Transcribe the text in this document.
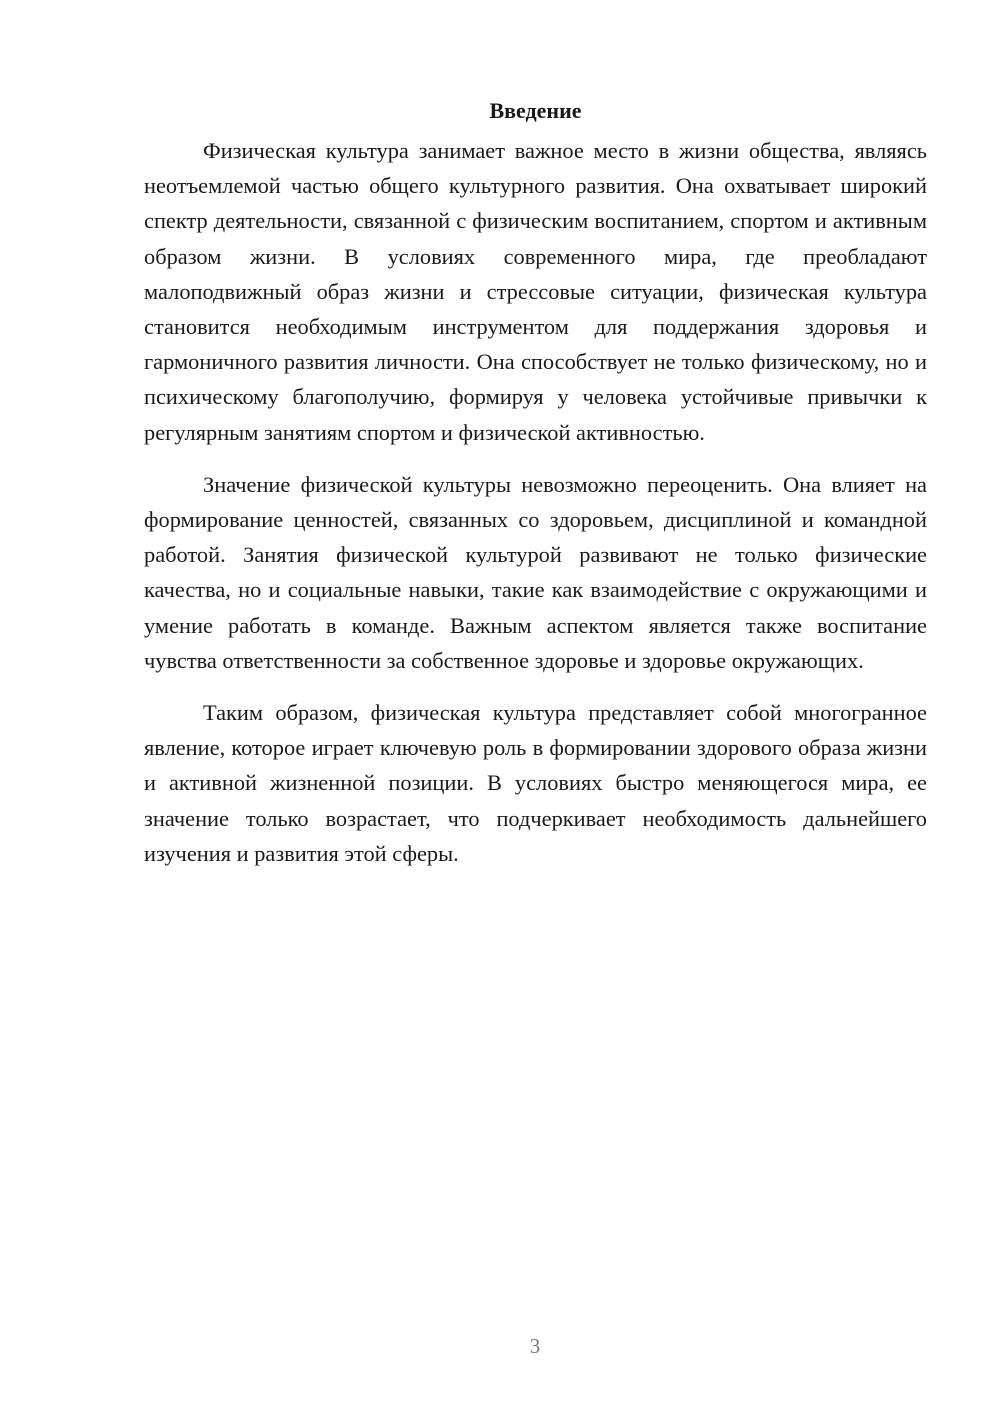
Введение

Физическая культура занимает важное место в жизни общества, являясь неотъемлемой частью общего культурного развития. Она охватывает широкий спектр деятельности, связанной с физическим воспитанием, спортом и активным образом жизни. В условиях современного мира, где преобладают малоподвижный образ жизни и стрессовые ситуации, физическая культура становится необходимым инструментом для поддержания здоровья и гармоничного развития личности. Она способствует не только физическому, но и психическому благополучию, формируя у человека устойчивые привычки к регулярным занятиям спортом и физической активностью.

Значение физической культуры невозможно переоценить. Она влияет на формирование ценностей, связанных со здоровьем, дисциплиной и командной работой. Занятия физической культурой развивают не только физические качества, но и социальные навыки, такие как взаимодействие с окружающими и умение работать в команде. Важным аспектом является также воспитание чувства ответственности за собственное здоровье и здоровье окружающих.

Таким образом, физическая культура представляет собой многогранное явление, которое играет ключевую роль в формировании здорового образа жизни и активной жизненной позиции. В условиях быстро меняющегося мира, ее значение только возрастает, что подчеркивает необходимость дальнейшего изучения и развития этой сферы.

3
